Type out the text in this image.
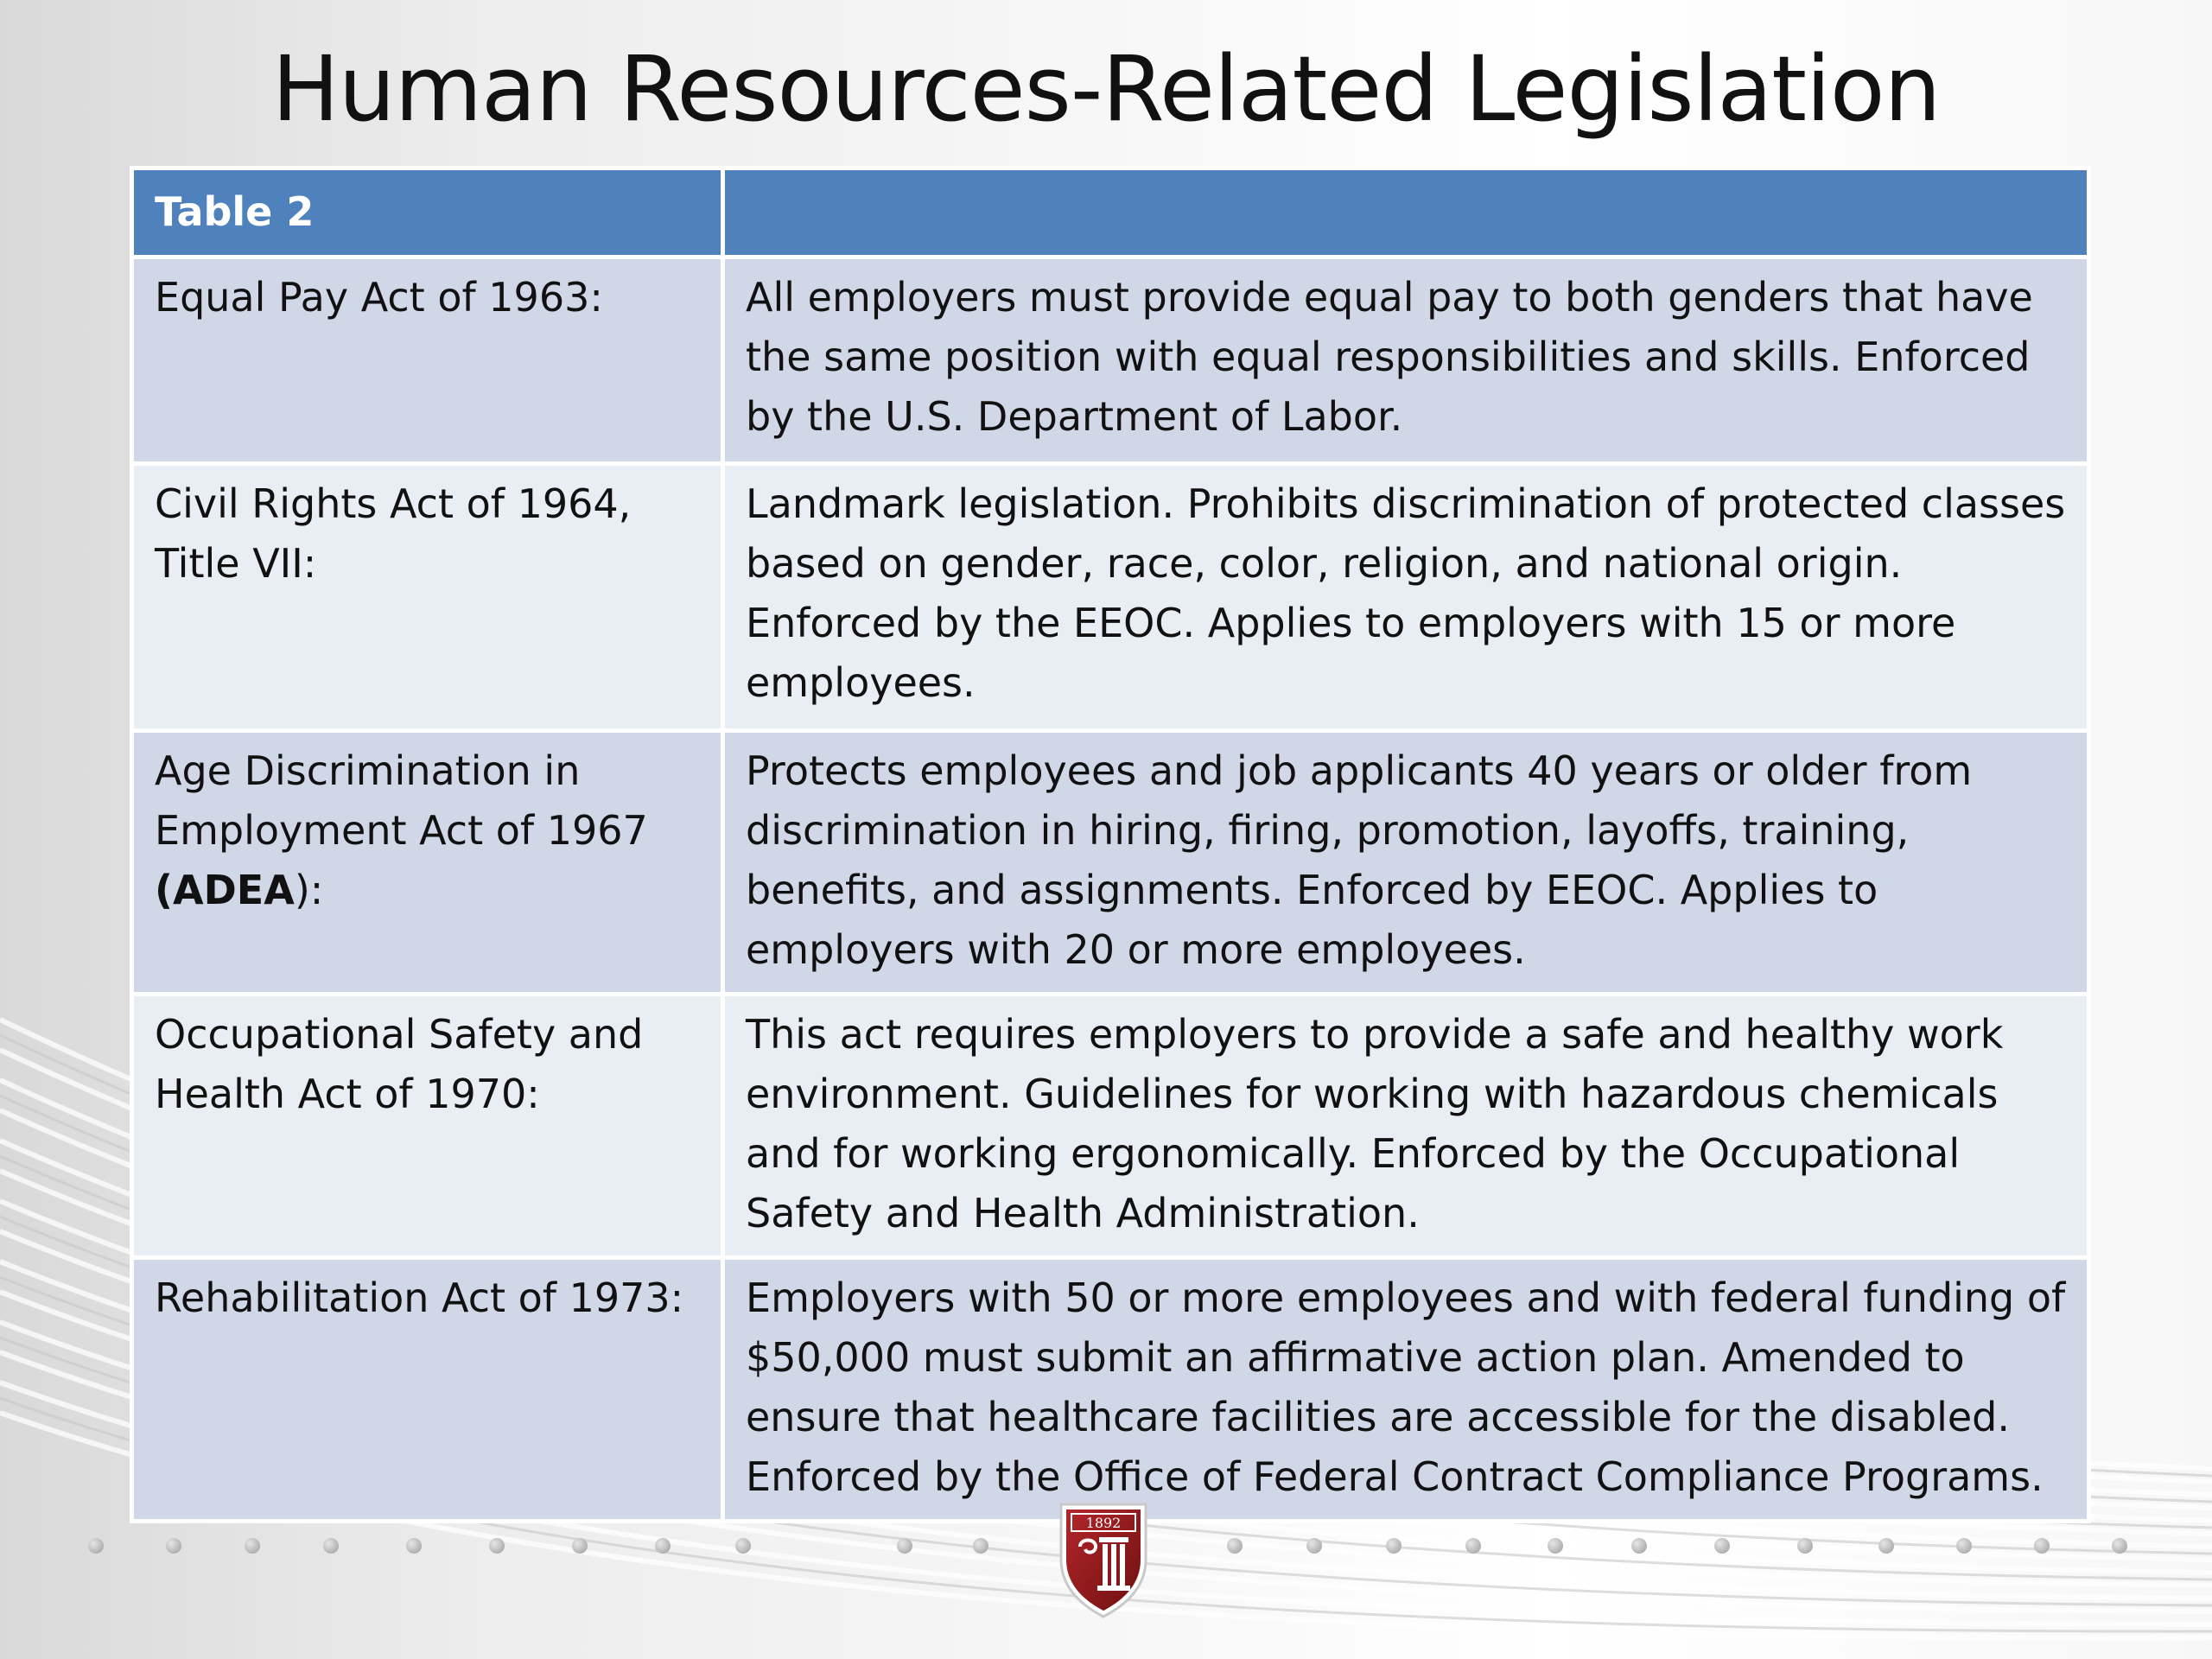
Human Resources-Related Legislation
Table 2	
Equal Pay Act of 1963:	All employers must provide equal pay to both genders that have the same position with equal responsibilities and skills. Enforced by the U.S. Department of Labor.
Civil Rights Act of 1964, Title VII:	Landmark legislation. Prohibits discrimination of protected classes based on gender, race, color, religion, and national origin. Enforced by the EEOC. Applies to employers with 15 or more employees.
Age Discrimination in Employment Act of 1967 (ADEA):	Protects employees and job applicants 40 years or older from discrimination in hiring, firing, promotion, layoffs, training, benefits, and assignments. Enforced by EEOC. Applies to employers with 20 or more employees.
Occupational Safety and Health Act of 1970:	This act requires employers to provide a safe and healthy work environment. Guidelines for working with hazardous chemicals and for working ergonomically. Enforced by the Occupational Safety and Health Administration.
Rehabilitation Act of 1973:	Employers with 50 or more employees and with federal funding of $50,000 must submit an affirmative action plan. Amended to ensure that healthcare facilities are accessible for the disabled. Enforced by the Office of Federal Contract Compliance Programs.
1892
